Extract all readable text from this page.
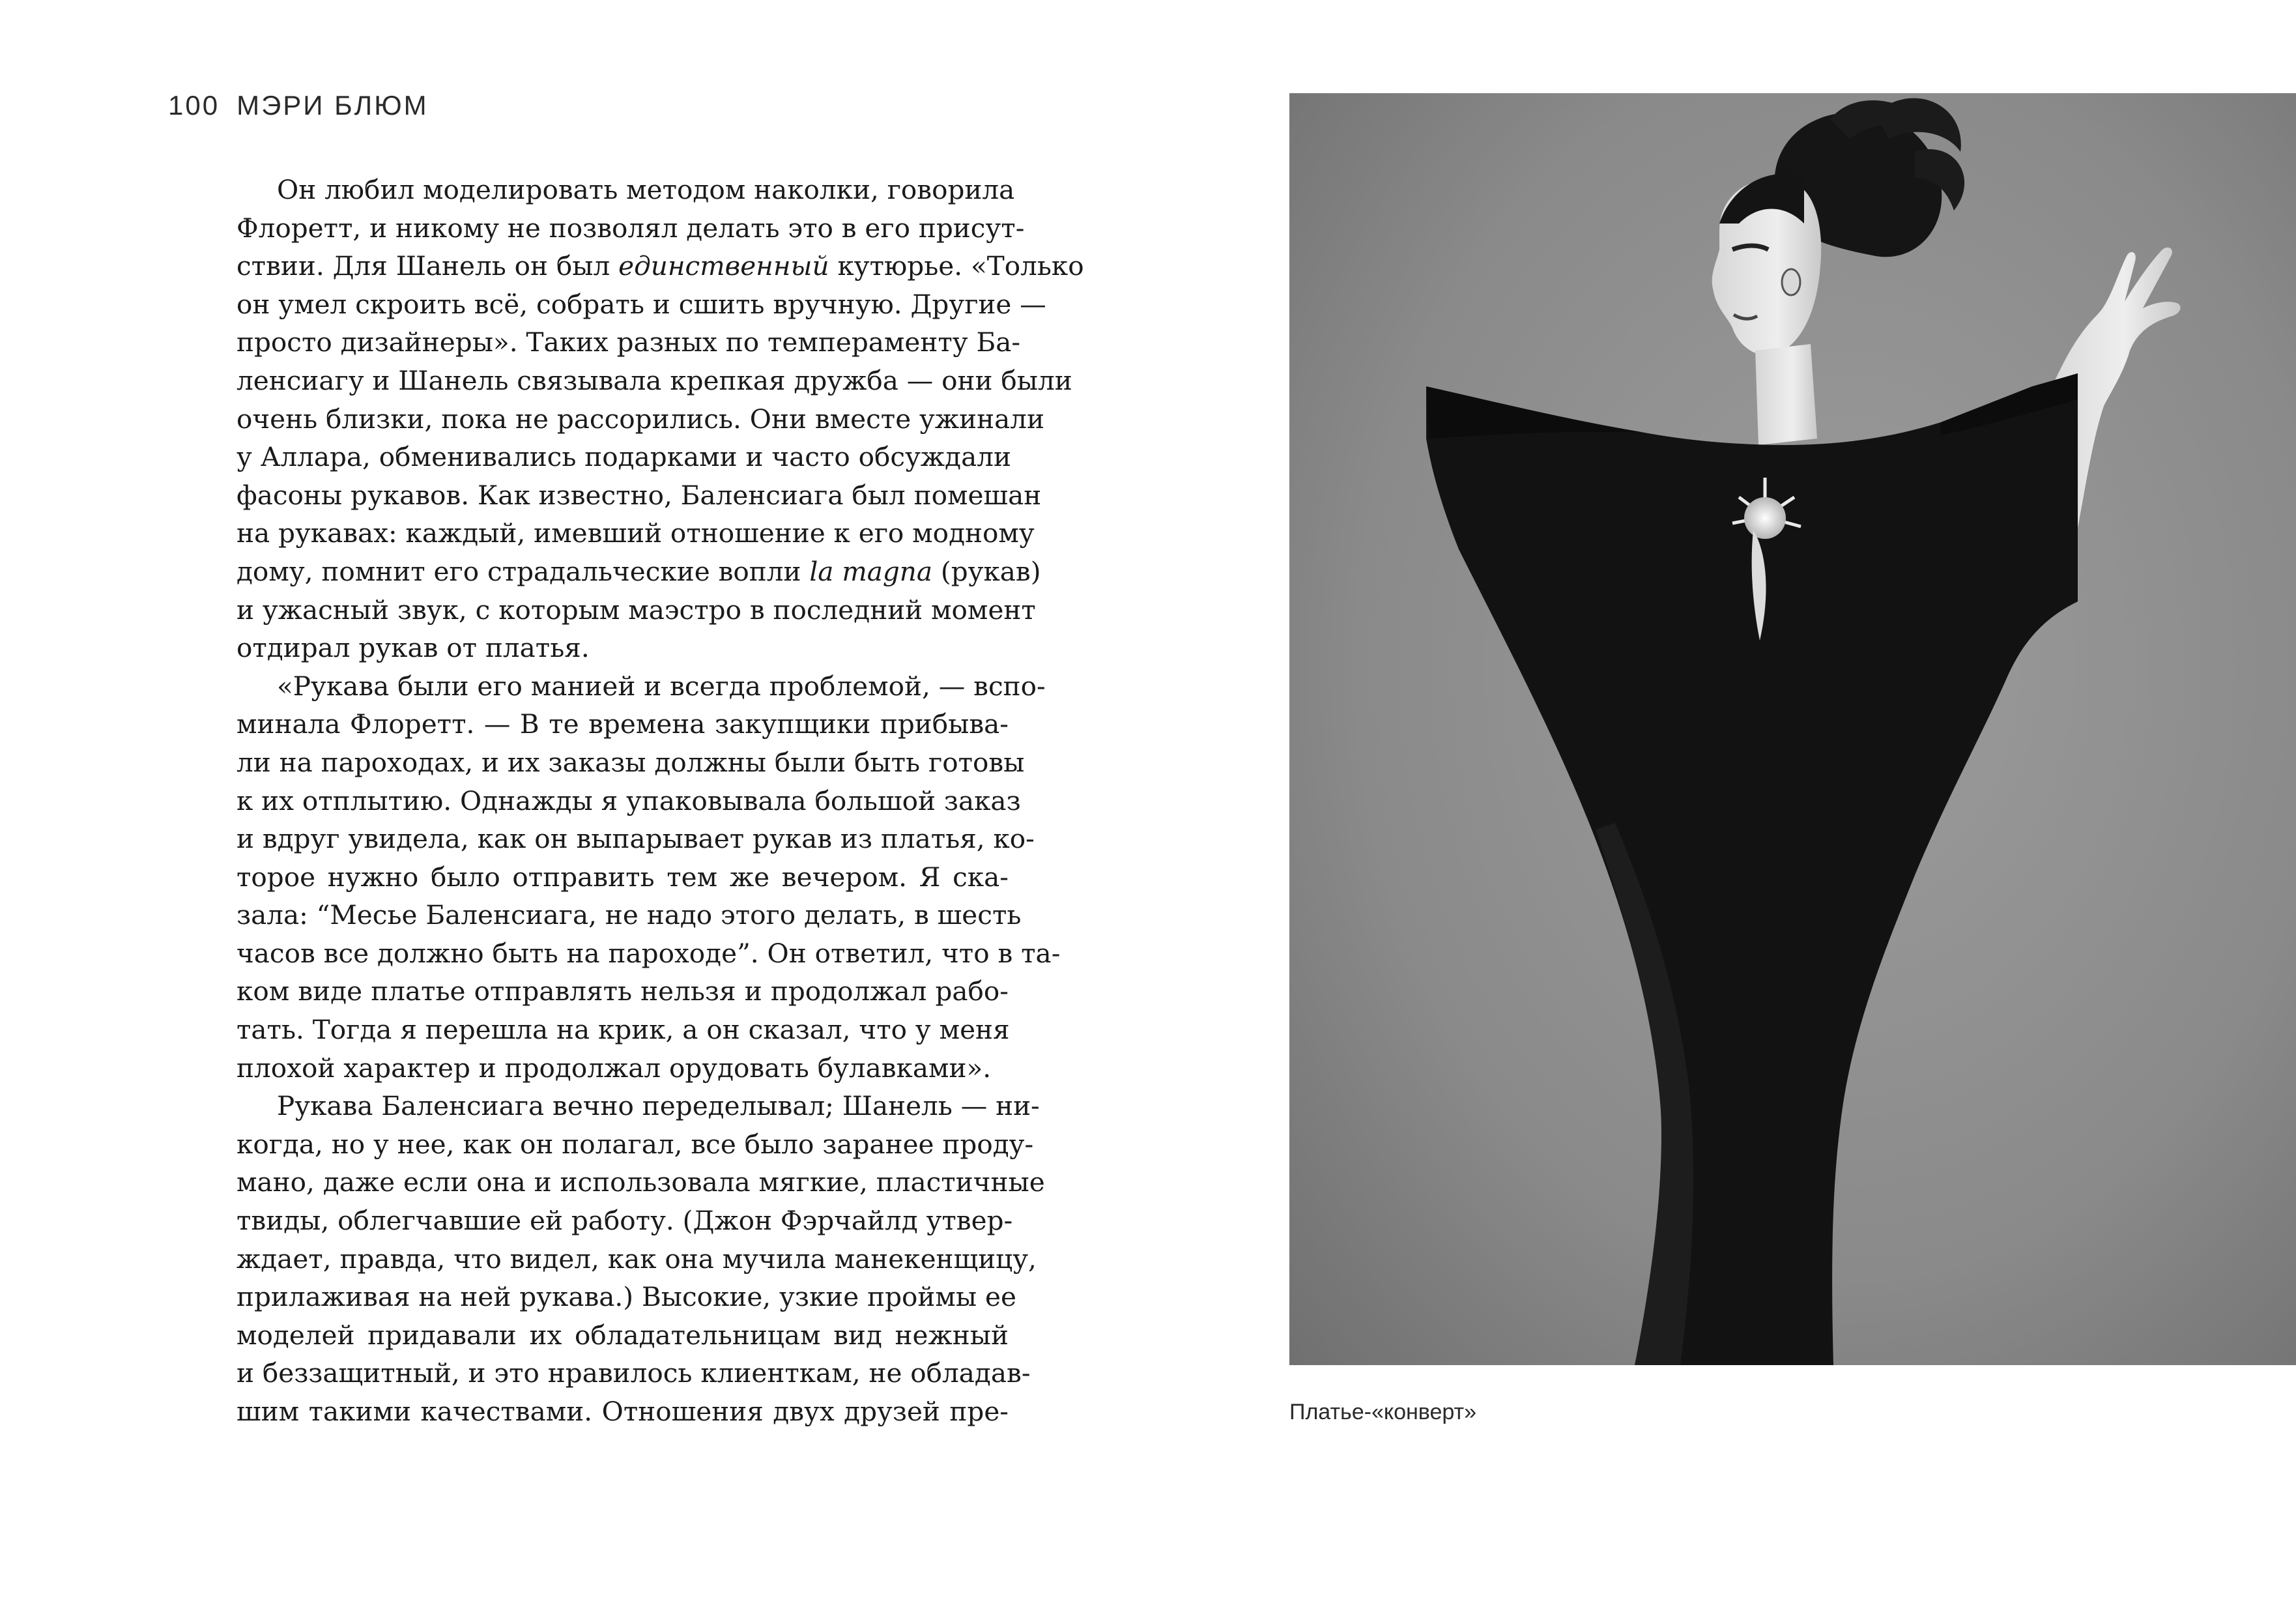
100 МЭРИ БЛЮМ
Он любил моделировать методом наколки, говорила
Флоретт, и никому не позволял делать это в его присут-
ствии. Для Шанель он был единственный кутюрье. «Только
он умел скроить всё, собрать и сшить вручную. Другие —
просто дизайнеры». Таких разных по темпераменту Ба-
ленсиагу и Шанель связывала крепкая дружба — они были
очень близки, пока не рассорились. Они вместе ужинали
у Аллара, обменивались подарками и часто обсуждали
фасоны рукавов. Как известно, Баленсиага был помешан
на рукавах: каждый, имевший отношение к его модному
дому, помнит его страдальческие вопли la magna (рукав)
и ужасный звук, с которым маэстро в последний момент
отдирал рукав от платья.
«Рукава были его манией и всегда проблемой, — вспо-
минала Флоретт. — В те времена закупщики прибыва-
ли на пароходах, и их заказы должны были быть готовы
к их отплытию. Однажды я упаковывала большой заказ
и вдруг увидела, как он выпарывает рукав из платья, ко-
торое нужно было отправить тем же вечером. Я ска-
зала: “Месье Баленсиага, не надо этого делать, в шесть
часов все должно быть на пароходе”. Он ответил, что в та-
ком виде платье отправлять нельзя и продолжал рабо-
тать. Тогда я перешла на крик, а он сказал, что у меня
плохой характер и продолжал орудовать булавками».
Рукава Баленсиага вечно переделывал; Шанель — ни-
когда, но у нее, как он полагал, все было заранее проду-
мано, даже если она и использовала мягкие, пластичные
твиды, облегчавшие ей работу. (Джон Фэрчайлд утвер-
ждает, правда, что видел, как она мучила манекенщицу,
прилаживая на ней рукава.) Высокие, узкие проймы ее
моделей придавали их обладательницам вид нежный
и беззащитный, и это нравилось клиенткам, не обладав-
шим такими качествами. Отношения двух друзей пре-	Платье-«конверт»
